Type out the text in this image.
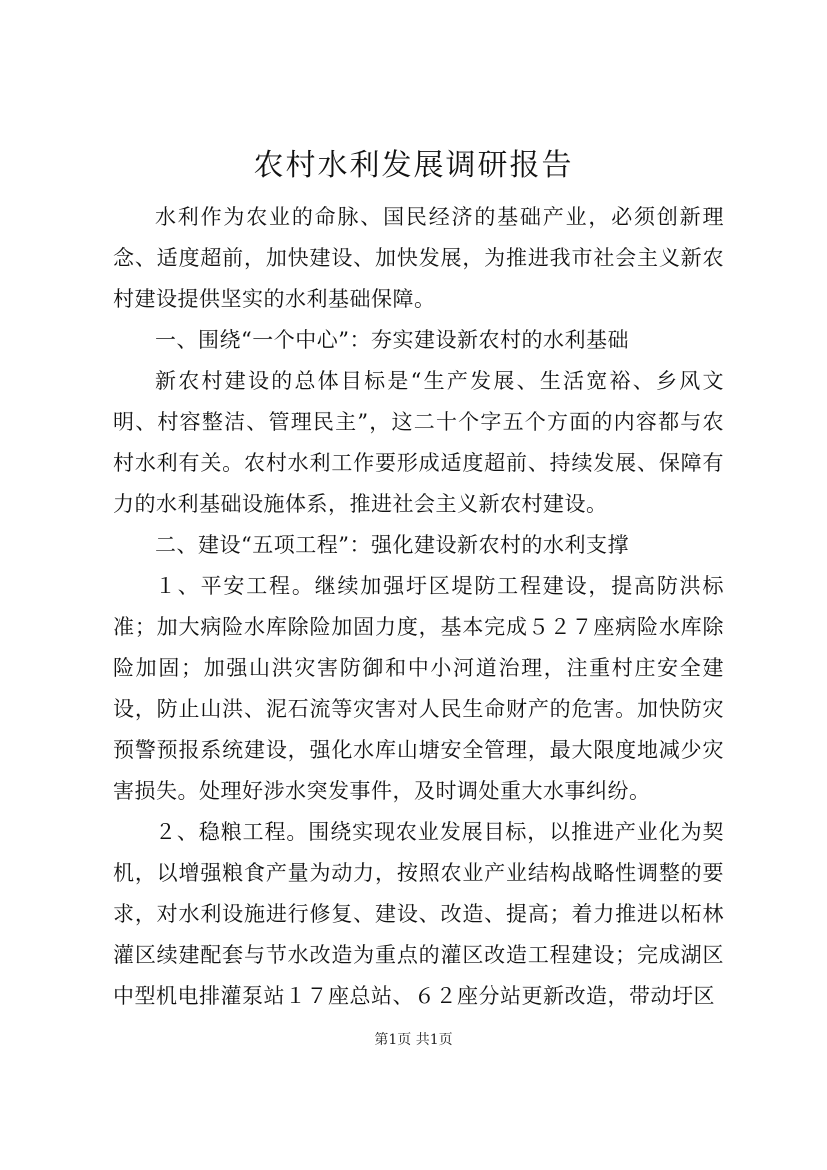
农村水利发展调研报告

水利作为农业的命脉、国民经济的基础产业，必须创新理念、适度超前，加快建设、加快发展，为推进我市社会主义新农村建设提供坚实的水利基础保障。

一、围绕“一个中心”：夯实建设新农村的水利基础

新农村建设的总体目标是“生产发展、生活宽裕、乡风文明、村容整洁、管理民主”，这二十个字五个方面的内容都与农村水利有关。农村水利工作要形成适度超前、持续发展、保障有力的水利基础设施体系，推进社会主义新农村建设。

二、建设“五项工程”：强化建设新农村的水利支撑

１、平安工程。继续加强圩区堤防工程建设，提高防洪标准；加大病险水库除险加固力度，基本完成５２７座病险水库除险加固；加强山洪灾害防御和中小河道治理，注重村庄安全建设，防止山洪、泥石流等灾害对人民生命财产的危害。加快防灾预警预报系统建设，强化水库山塘安全管理，最大限度地减少灾害损失。处理好涉水突发事件，及时调处重大水事纠纷。

２、稳粮工程。围绕实现农业发展目标，以推进产业化为契机，以增强粮食产量为动力，按照农业产业结构战略性调整的要求，对水利设施进行修复、建设、改造、提高；着力推进以柘林灌区续建配套与节水改造为重点的灌区改造工程建设；完成湖区中型机电排灌泵站１７座总站、６２座分站更新改造，带动圩区

第1页 共1页
